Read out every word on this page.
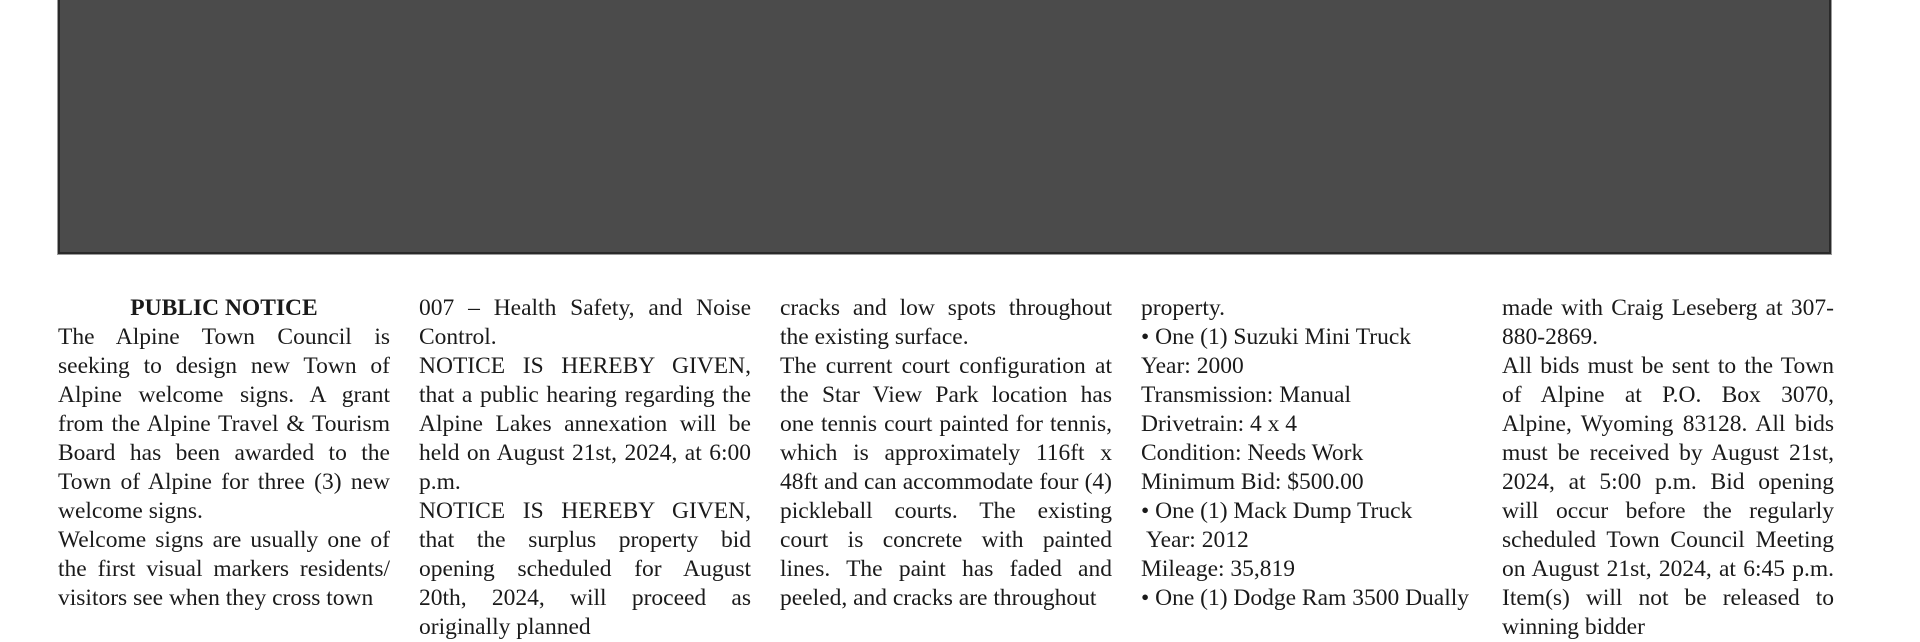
PUBLIC NOTICE

The Alpine Town Council is seeking to design new Town of Alpine welcome signs. A grant from the Alpine Travel & Tourism Board has been awarded to the Town of Alpine for three (3) new welcome signs.

Welcome signs are usually one of the first visual markers residents/ visitors see when they cross town

007 – Health Safety, and Noise Control.

NOTICE IS HEREBY GIVEN, that a public hearing regarding the Alpine Lakes annexation will be held on August 21st, 2024, at 6:00 p.m.

NOTICE IS HEREBY GIVEN, that the surplus property bid opening scheduled for August 20th, 2024, will proceed as originally planned

cracks and low spots throughout the existing surface.

The current court configuration at the Star View Park location has one tennis court painted for tennis, which is approximately 116ft x 48ft and can accommodate four (4) pickleball courts. The existing court is concrete with painted lines. The paint has faded and peeled, and cracks are throughout

property.
• One (1) Suzuki Mini Truck
Year: 2000
Transmission: Manual
Drivetrain: 4 x 4
Condition: Needs Work
Minimum Bid: $500.00
• One (1) Mack Dump Truck
Year: 2012
Mileage: 35,819
• One (1) Dodge Ram 3500 Dually

made with Craig Leseberg at 307-880-2869.

All bids must be sent to the Town of Alpine at P.O. Box 3070, Alpine, Wyoming 83128. All bids must be received by August 21st, 2024, at 5:00 p.m. Bid opening will occur before the regularly scheduled Town Council Meeting on August 21st, 2024, at 6:45 p.m. Item(s) will not be released to winning bidder
